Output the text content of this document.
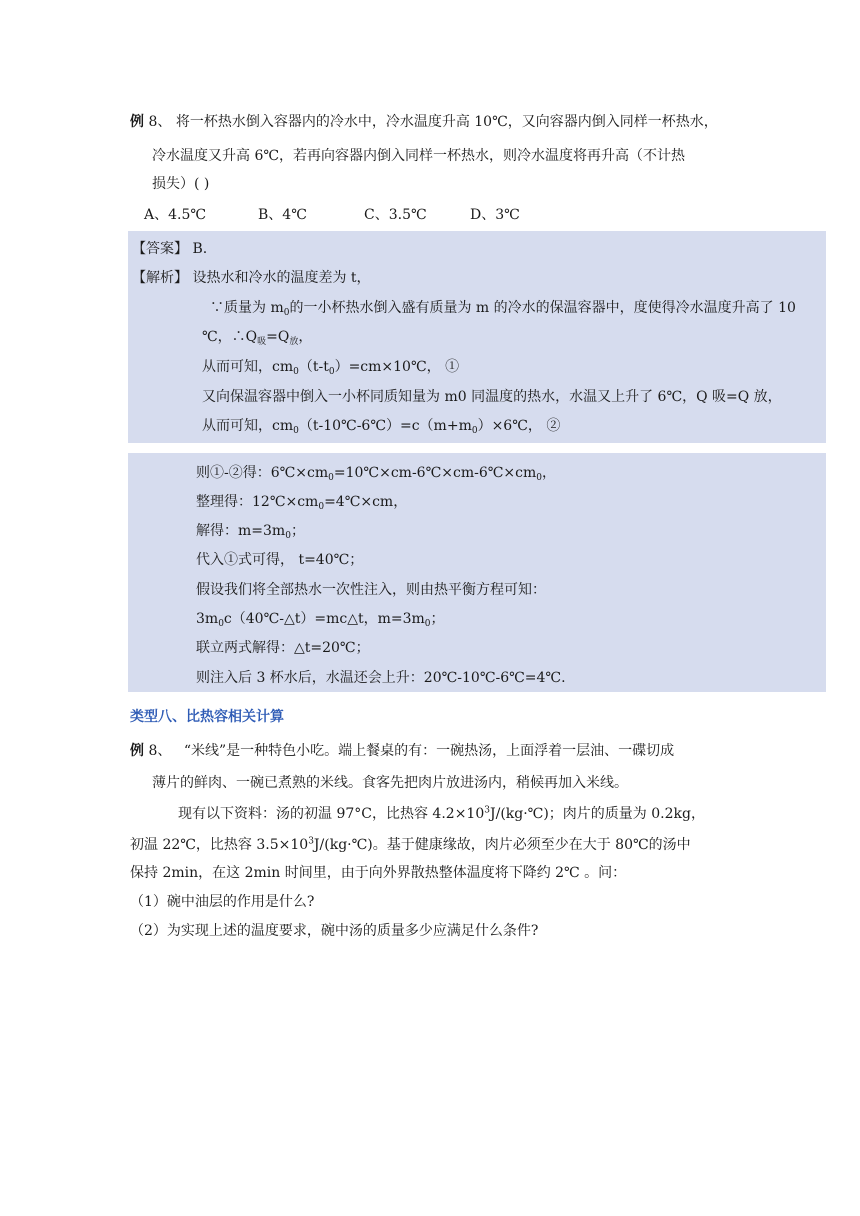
例 8、 将一杯热水倒入容器内的冷水中，冷水温度升高 10℃，又向容器内倒入同样一杯热水，
冷水温度又升高 6℃，若再向容器内倒入同样一杯热水，则冷水温度将再升高（不计热
损失）( )
A、4.5℃	B、4℃	C、3.5℃	D、3℃
【答案】 B.
【解析】 设热水和冷水的温度差为 t，
∵质量为 $m_0$的一小杯热水倒入盛有质量为 m 的冷水的保温容器中，度使得冷水温度升高了 10
℃，$\therefore Q_吸=Q_放$，
从而可知，$cm_0(t-t_0)=cm\times 10℃$， ①
又向保温容器中倒入一小杯同质知量为 m0 同温度的热水，水温又上升了 6℃，Q 吸=Q 放，
从而可知，$cm_0(t-10℃-6℃)=c(m+m_0)\times 6℃$， ②
则①-②得：$6℃\times cm_0=10℃\times cm-6℃\times cm-6℃\times cm_0$，
整理得：$12℃\times cm_0=4℃\times cm$，
解得：$m=3m_0$；
代入①式可得， t=40℃；
假设我们将全部热水一次性注入，则由热平衡方程可知：
$3m_0c(40℃-\triangle t)=mc\triangle t$，$m=3m_0$；
联立两式解得：△t=20℃；
则注入后 3 杯水后，水温还会上升：20℃-10℃-6℃=4℃.
类型八、比热容相关计算
例 8、 “米线”是一种特色小吃。端上餐桌的有：一碗热汤，上面浮着一层油、一碟切成
薄片的鲜肉、一碗已煮熟的米线。食客先把肉片放进汤内，稍候再加入米线。
现有以下资料：汤的初温 97°C，比热容 $4.2\times 10^3J/(kg\cdot℃)$；肉片的质量为 0.2kg，
初温 22℃，比热容 $3.5\times 10^3J/(kg\cdot℃)$。基于健康缘故，肉片必须至少在大于 80℃的汤中
保持 2min，在这 2min 时间里，由于向外界散热整体温度将下降约 2℃ 。问：
（1）碗中油层的作用是什么?
（2）为实现上述的温度要求，碗中汤的质量多少应满足什么条件?
